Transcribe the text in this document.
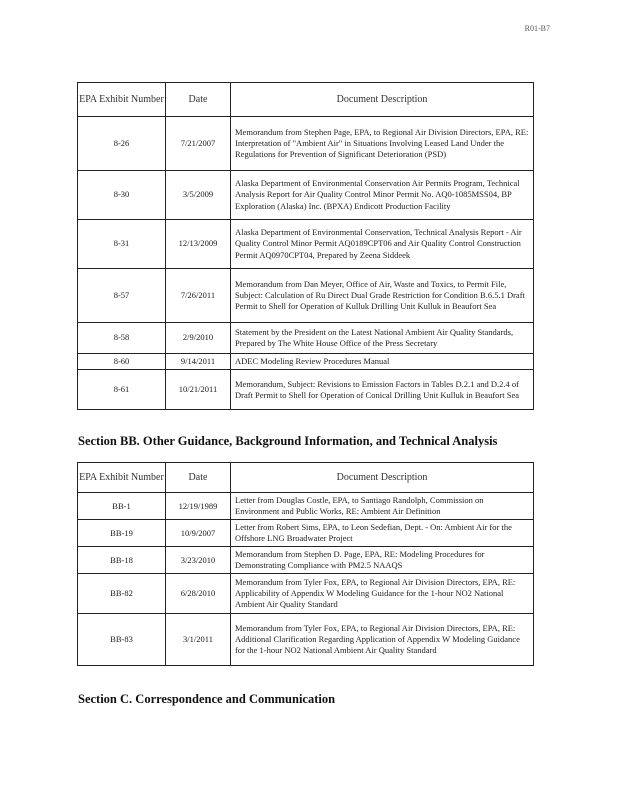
R01-B7
EPA Exhibit Number	Date	Document Description
8-26	7/21/2007	Memorandum from Stephen Page, EPA, to Regional Air Division Directors, EPA, RE: Interpretation of "Ambient Air" in Situations Involving Leased Land Under the Regulations for Prevention of Significant Deterioration (PSD)
8-30	3/5/2009	Alaska Department of Environmental Conservation Air Permits Program, Technical Analysis Report for Air Quality Control Minor Permit No. AQ0-1085MSS04, BP Exploration (Alaska) Inc. (BPXA) Endicott Production Facility
8-31	12/13/2009	Alaska Department of Environmental Conservation, Technical Analysis Report - Air Quality Control Minor Permit AQ0189CPT06 and Air Quality Control Construction Permit AQ0970CPT04, Prepared by Zeena Siddeek
8-57	7/26/2011	Memorandum from Dan Meyer, Office of Air, Waste and Toxics, to Permit File, Subject: Calculation of Ru Direct Dual Grade Restriction for Condition B.6.5.1 Draft Permit to Shell for Operation of Kulluk Drilling Unit Kulluk in Beaufort Sea
8-58	2/9/2010	Statement by the President on the Latest National Ambient Air Quality Standards, Prepared by The White House Office of the Press Secretary
8-60	9/14/2011	ADEC Modeling Review Procedures Manual
8-61	10/21/2011	Memorandum, Subject: Revisions to Emission Factors in Tables D.2.1 and D.2.4 of Draft Permit to Shell for Operation of Conical Drilling Unit Kulluk in Beaufort Sea
Section BB. Other Guidance, Background Information, and Technical Analysis
EPA Exhibit Number	Date	Document Description
BB-1	12/19/1989	Letter from Douglas Costle, EPA, to Santiago Randolph, Commission on Environment and Public Works, RE: Ambient Air Definition
BB-19	10/9/2007	Letter from Robert Sims, EPA, to Leon Sedefian, Dept. - On: Ambient Air for the Offshore LNG Broadwater Project
BB-18	3/23/2010	Memorandum from Stephen D. Page, EPA, RE: Modeling Procedures for Demonstrating Compliance with PM2.5 NAAQS
BB-82	6/28/2010	Memorandum from Tyler Fox, EPA, to Regional Air Division Directors, EPA, RE: Applicability of Appendix W Modeling Guidance for the 1-hour NO2 National Ambient Air Quality Standard
BB-83	3/1/2011	Memorandum from Tyler Fox, EPA, to Regional Air Division Directors, EPA, RE: Additional Clarification Regarding Application of Appendix W Modeling Guidance for the 1-hour NO2 National Ambient Air Quality Standard
Section C. Correspondence and Communication
